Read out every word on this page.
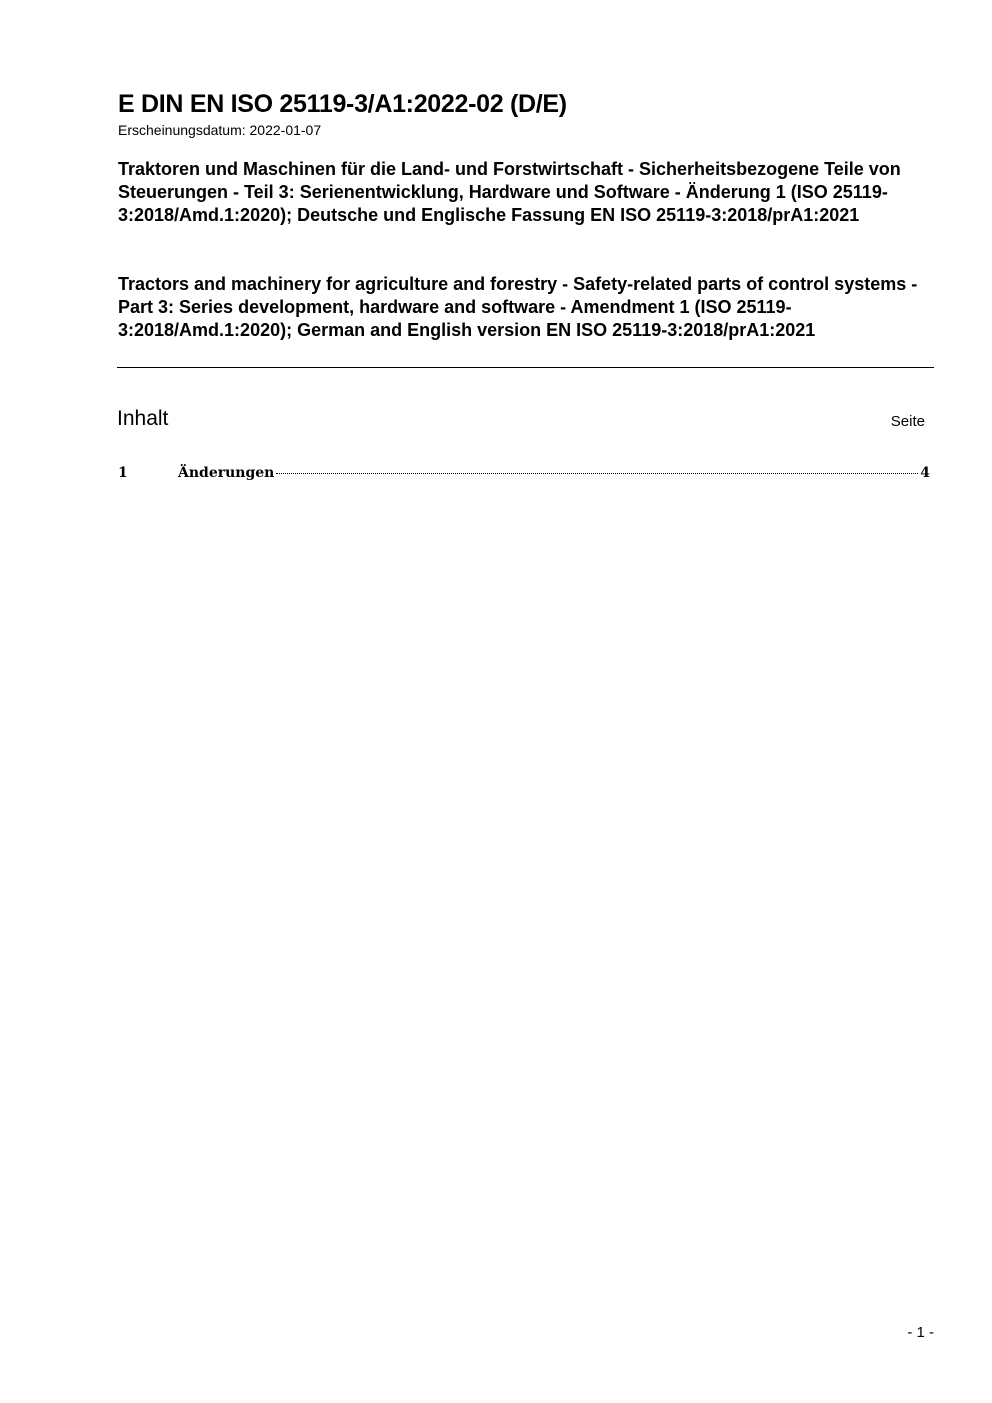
E DIN EN ISO 25119-3/A1:2022-02 (D/E)
Erscheinungsdatum: 2022-01-07
Traktoren und Maschinen für die Land- und Forstwirtschaft - Sicherheitsbezogene Teile von Steuerungen - Teil 3: Serienentwicklung, Hardware und Software - Änderung 1 (ISO 25119-3:2018/Amd.1:2020); Deutsche und Englische Fassung EN ISO 25119-3:2018/prA1:2021
Tractors and machinery for agriculture and forestry - Safety-related parts of control systems - Part 3: Series development, hardware and software - Amendment 1 (ISO 25119-3:2018/Amd.1:2020); German and English version EN ISO 25119-3:2018/prA1:2021
Inhalt	Seite
1	Änderungen	4
- 1 -
